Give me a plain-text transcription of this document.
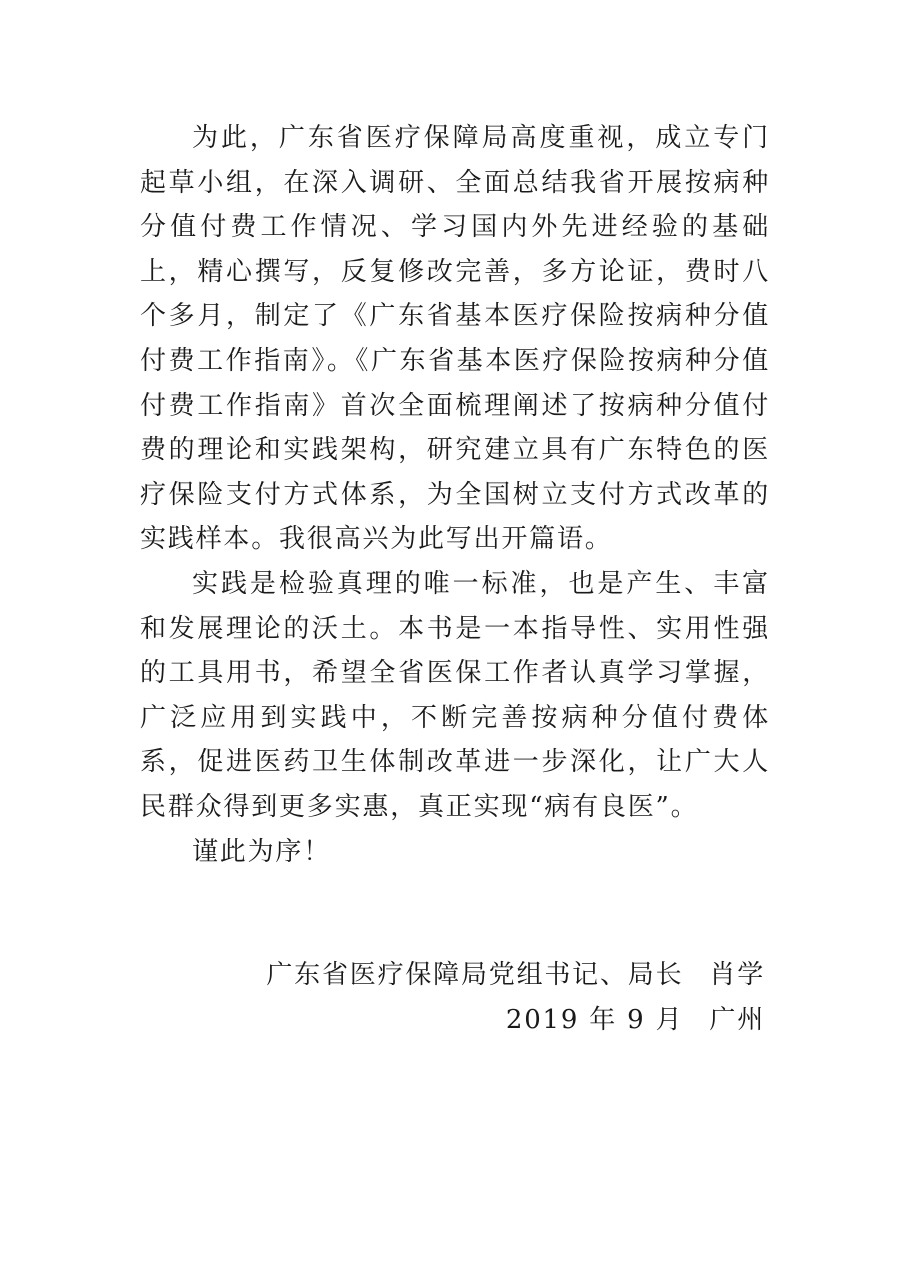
为此，广东省医疗保障局高度重视，成立专门起草小组，在深入调研、全面总结我省开展按病种分值付费工作情况、学习国内外先进经验的基础上，精心撰写，反复修改完善，多方论证，费时八个多月，制定了《广东省基本医疗保险按病种分值付费工作指南》。《广东省基本医疗保险按病种分值付费工作指南》首次全面梳理阐述了按病种分值付费的理论和实践架构，研究建立具有广东特色的医疗保险支付方式体系，为全国树立支付方式改革的实践样本。我很高兴为此写出开篇语。

实践是检验真理的唯一标准，也是产生、丰富和发展理论的沃土。本书是一本指导性、实用性强的工具用书，希望全省医保工作者认真学习掌握，广泛应用到实践中，不断完善按病种分值付费体系，促进医药卫生体制改革进一步深化，让广大人民群众得到更多实惠，真正实现“病有良医”。

谨此为序！

广东省医疗保障局党组书记、局长 肖学
2019 年 9 月 广州
